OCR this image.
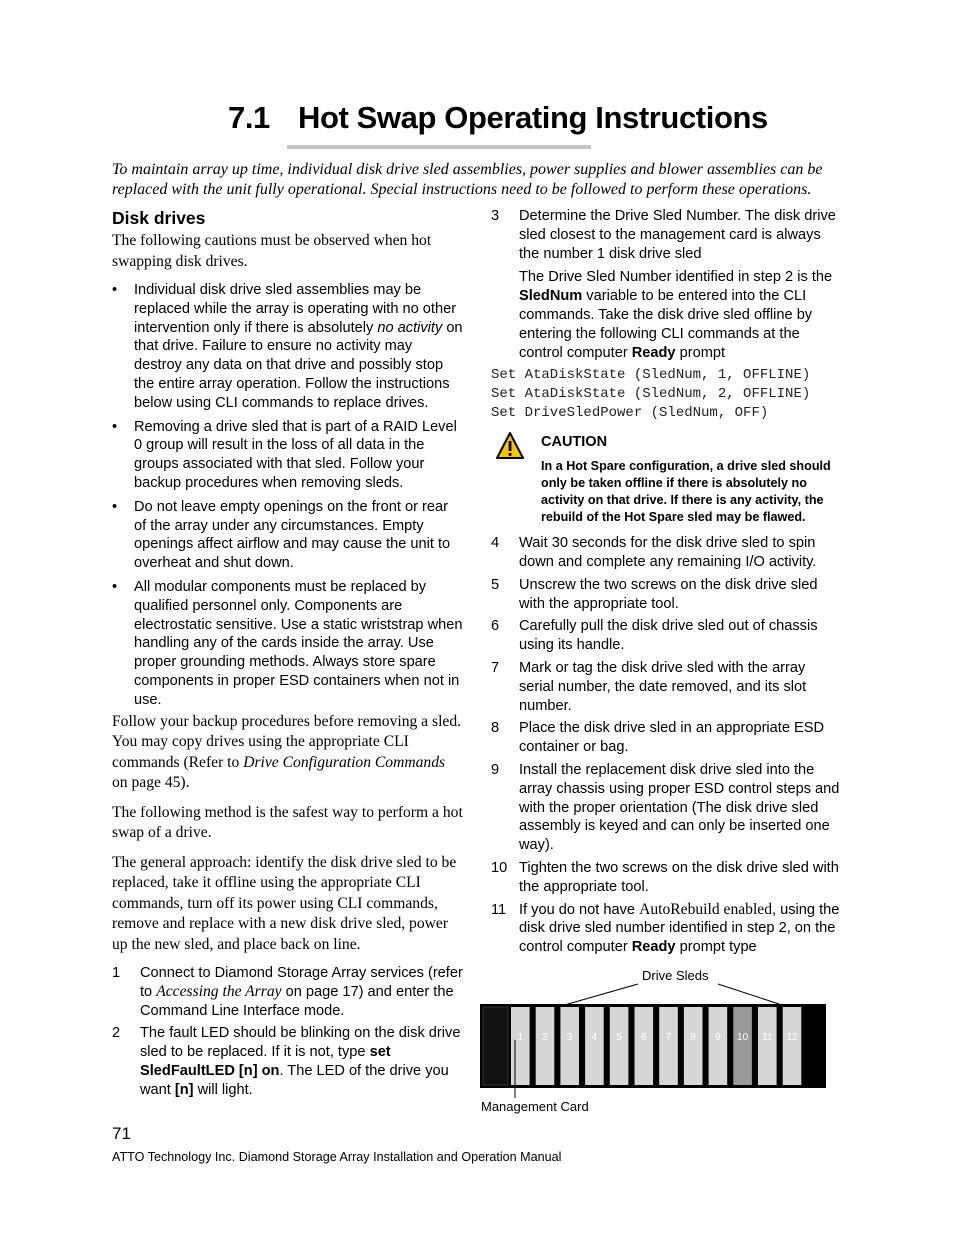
7.1 Hot Swap Operating Instructions
To maintain array up time, individual disk drive sled assemblies, power supplies and blower assemblies can be replaced with the unit fully operational. Special instructions need to be followed to perform these operations.
Disk drives

The following cautions must be observed when hot swapping disk drives.

• Individual disk drive sled assemblies may be replaced while the array is operating with no other intervention only if there is absolutely no activity on that drive. Failure to ensure no activity may destroy any data on that drive and possibly stop the entire array operation. Follow the instructions below using CLI commands to replace drives.
• Removing a drive sled that is part of a RAID Level 0 group will result in the loss of all data in the groups associated with that sled. Follow your backup procedures when removing sleds.
• Do not leave empty openings on the front or rear of the array under any circumstances. Empty openings affect airflow and may cause the unit to overheat and shut down.
• All modular components must be replaced by qualified personnel only. Components are electrostatic sensitive. Use a static wriststrap when handling any of the cards inside the array. Use proper grounding methods. Always store spare components in proper ESD containers when not in use.

Follow your backup procedures before removing a sled. You may copy drives using the appropriate CLI commands (Refer to Drive Configuration Commands on page 45).

The following method is the safest way to perform a hot swap of a drive.

The general approach: identify the disk drive sled to be replaced, take it offline using the appropriate CLI commands, turn off its power using CLI commands, remove and replace with a new disk drive sled, power up the new sled, and place back on line.

1 Connect to Diamond Storage Array services (refer to Accessing the Array on page 17) and enter the Command Line Interface mode.
2 The fault LED should be blinking on the disk drive sled to be replaced. If it is not, type set SledFaultLED [n] on. The LED of the drive you want [n] will light.
3 Determine the Drive Sled Number. The disk drive sled closest to the management card is always the number 1 disk drive sled
The Drive Sled Number identified in step 2 is the SledNum variable to be entered into the CLI commands. Take the disk drive sled offline by entering the following CLI commands at the control computer Ready prompt
Set AtaDiskState (SledNum, 1, OFFLINE)
Set AtaDiskState (SledNum, 2, OFFLINE)
Set DriveSledPower (SledNum, OFF)
CAUTION
In a Hot Spare configuration, a drive sled should only be taken offline if there is absolutely no activity on that drive. If there is any activity, the rebuild of the Hot Spare sled may be flawed.
4 Wait 30 seconds for the disk drive sled to spin down and complete any remaining I/O activity.
5 Unscrew the two screws on the disk drive sled with the appropriate tool.
6 Carefully pull the disk drive sled out of chassis using its handle.
7 Mark or tag the disk drive sled with the array serial number, the date removed, and its slot number.
8 Place the disk drive sled in an appropriate ESD container or bag.
9 Install the replacement disk drive sled into the array chassis using proper ESD control steps and with the proper orientation (The disk drive sled assembly is keyed and can only be inserted one way).
10 Tighten the two screws on the disk drive sled with the appropriate tool.
11 If you do not have AutoRebuild enabled, using the disk drive sled number identified in step 2, on the control computer Ready prompt type
Drive Sleds
1 2 3 4 5 6 7 8 9 10 11 12
Management Card
71
ATTO Technology Inc. Diamond Storage Array Installation and Operation Manual
